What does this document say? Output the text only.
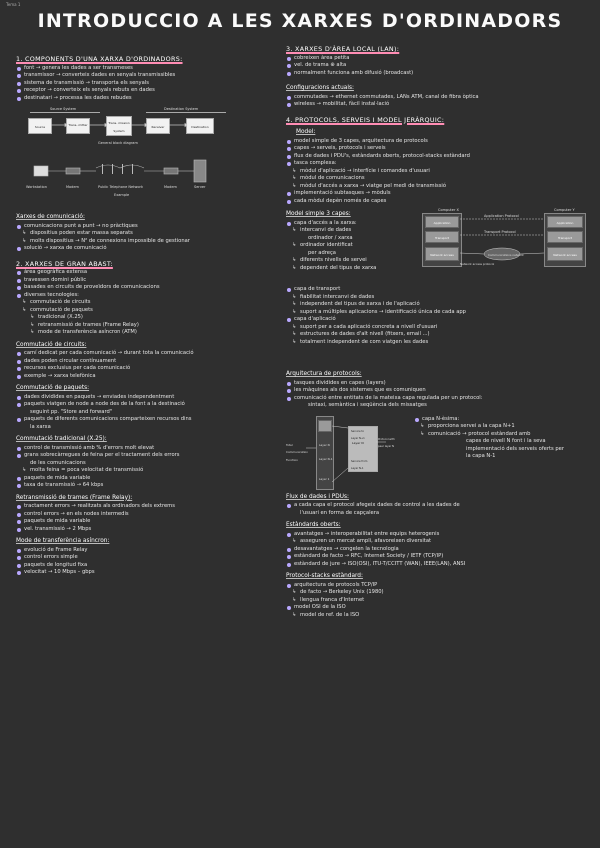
Tema 1
INTRODUCCIO A LES XARXES D'ORDINADORS
1. COMPONENTS D'UNA XARXA D'ORDINADORS:
font → genera les dades a ser transmeses
transmissor → converteix dades en senyals transmissibles
sistema de transmissió → transporta els senyals
receptor → converteix els senyals rebuts en dades
destinatari → processa les dades rebudes
Source System	Destination System
Source	Trans- mitter	Trans- mission System
Receiver	Destination
General block diagram
Workstation	Modem	Public Telephone Network	Modem	Server
Example
Xarxes de comunicació:
comunicacions punt a punt → no pràctiques
↳ dispositius poden estar massa separats
↳ molts dispositius → N² de connexions impossible de gestionar
solució → xarxa de comunicació
2. XARXES DE GRAN ABAST:
àrea geogràfica extensa
travessen domini públic
basades en circuits de proveïdors de comunicacions
diverses tecnologies:
↳ commutació de circuits
↳ commutació de paquets
↳ tradicional (X.25)
↳ retransmissió de trames (Frame Relay)
↳ mode de transferència asíncron (ATM)
Commutació de circuits:
camí dedicat per cada comunicació → durant tota la comunicació
dades poden circular contínuament
recursos exclusius per cada comunicació
exemple → xarxa telefònica
Commutació de paquets:
dades dividides en paquets → enviades independentment
paquets viatgen de node a node des de la font a la destinació
seguint pp. "Store and forward"
paquets de diferents comunicacions comparteixen recursos dins
la xarxa
Commutació tradicional (X.25):
control de transmissió amb % d'errors molt elevat
grans sobrecàrregues de feina per el tractament dels errors
de les comunicacions
↳ molta feina = poca velocitat de transmissió
paquets de mida variable
taxa de transmissió → 64 kbps
Retransmissió de trames (Frame Relay):
tractament errors → realitzats als ordinadors dels extrems
control errors → en els nodes intermedis
paquets de mida variable
vel. transmissió → 2 Mbps
Mode de transferència asíncron:
evolució de Frame Relay
control errors simple
paquets de longitud fixa
velocitat → 10 Mbps – gbps
3. XARXES D'ÀREA LOCAL (LAN):
cobreixen àrea petita
vel. de trama ⊕ alta
normalment funciona amb difusió (broadcast)
Configuracions actuals:
commutades → ethernet commutades, LANs ATM, canal de fibra òptica
wireless → mobilitat, fàcil instal·lació
4. PROTOCOLS, SERVEIS I MODEL JERÀRQUIC:
Model:
model simple de 3 capes, arquitectura de protocols
capes → serveis, protocols i serveis
flux de dades i PDU's, estàndards oberts, protocol-stacks estàndard
tasca complexa:
↳ mòdul d'aplicació → interfície i comandes d'usuari
↳ mòdul de comunicacions
↳ mòdul d'accés a xarxa → viatge pel medi de transmissió
implementació subtasques → mòduls
cada mòdul depèn només de capes
Model simple 3 capes:
capa d'accés a la xarxa:
↳ intercanvi de dades
ordinador / xarxa
↳ ordinador identificat
per adreça
↳ diferents nivells de servei
↳ dependent del tipus de xarxa
Computer X	Computer Y
Application
Transport
Network access
Application
Transport
Network access
Application Protocol
Transport Protocol
Communications network
Network access protocol
capa de transport
↳ fiabilitat intercanvi de dades
↳ independent del tipus de xarxa i de l'aplicació
↳ suport a múltiples aplicacions → identificació única de cada app
capa d'aplicació
↳ suport per a cada aplicació concreta a nivell d'usuari
↳ estructures de dades d'alt nivell (fitxers, email ...)
↳ totalment independent de com viatgen les dades
Arquitectura de protocols:
tasques dividides en capes (layers)
les màquines als dos sistemes que es comuniquen
comunicació entre entitats de la mateixa capa regulada per un protocol:
sintaxi, semàntica i seqüència dels missatges
Total
Communication
Function
Service to
Layer N+1
Layer N
Service from
Layer N-1
Protocol with
peer layer N
Layer N
Layer N-1
Layer 1
capa N-èsima:
↳ proporciona servei a la capa N+1
↳ comunicació → protocol estàndard amb
capes de nivell N font i la seva
implementació dels serveis oferts per
la capa N-1
Flux de dades i PDUs:
a cada capa el protocol afegeix dades de control a les dades de
l'usuari en forma de capçalera
Estàndards oberts:
avantatges → interoperabilitat entre equips heterogenis
↳ asseguren un mercat ampli, afavoreixen diversitat
desavantatges → congelen la tecnologia
estàndard de facto → RFC, Internet Society / IETF (TCP/IP)
estàndard de jure → ISO(OSI), ITU-T/CCITT (WAN), IEEE(LAN), ANSI
Protocol-stacks estàndard:
arquitectura de protocols TCP/IP
↳ de facto → Berkeley Unix (1980)
↳ llengua franca d'Internet
model OSI de la ISO
↳ model de ref. de la ISO
